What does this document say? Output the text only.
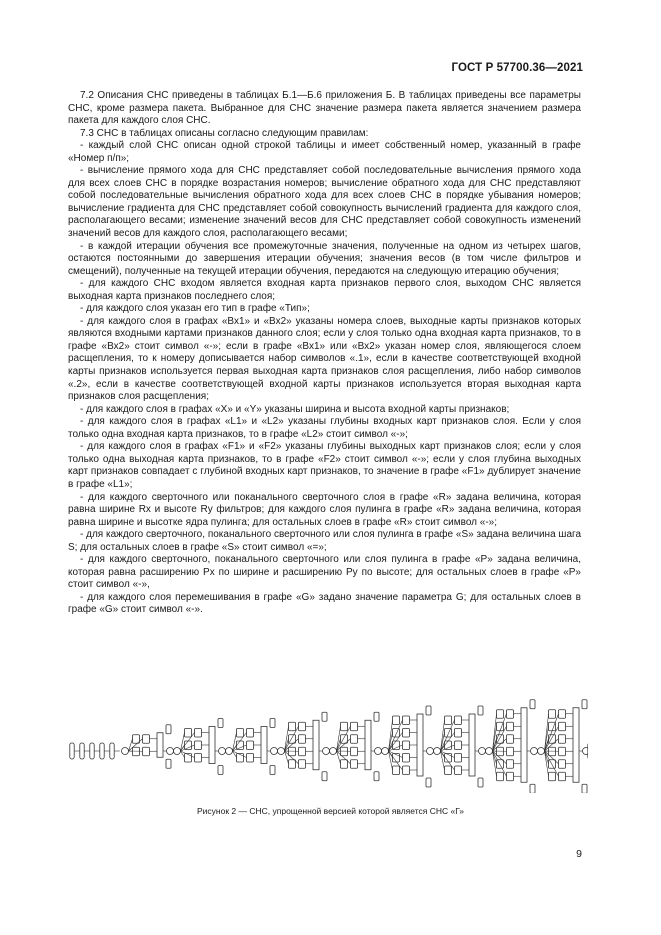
ГОСТ Р 57700.36—2021

7.2 Описания СНС приведены в таблицах Б.1—Б.6 приложения Б. В таблицах приведены все параметры СНС, кроме размера пакета. Выбранное для СНС значение размера пакета является значением размера пакета для каждого слоя СНС.

7.3 СНС в таблицах описаны согласно следующим правилам:

- каждый слой СНС описан одной строкой таблицы и имеет собственный номер, указанный в графе «Номер п/п»;

- вычисление прямого хода для СНС представляет собой последовательные вычисления прямого хода для всех слоев СНС в порядке возрастания номеров; вычисление обратного хода для СНС представляют собой последовательные вычисления обратного хода для всех слоев СНС в порядке убывания номеров; вычисление градиента для СНС представляет собой совокупность вычислений градиента для каждого слоя, располагающего весами; изменение значений весов для СНС представляет собой совокупность изменений значений весов для каждого слоя, располагающего весами;

- в каждой итерации обучения все промежуточные значения, полученные на одном из четырех шагов, остаются постоянными до завершения итерации обучения; значения весов (в том числе фильтров и смещений), полученные на текущей итерации обучения, передаются на следующую итерацию обучения;

- для каждого СНС входом является входная карта признаков первого слоя, выходом СНС является выходная карта признаков последнего слоя;

- для каждого слоя указан его тип в графе «Тип»;

- для каждого слоя в графах «Вх1» и «Вх2» указаны номера слоев, выходные карты признаков которых являются входными картами признаков данного слоя; если у слоя только одна входная карта признаков, то в графе «Вх2» стоит символ «-»; если в графе «Вх1» или «Вх2» указан номер слоя, являющегося слоем расщепления, то к номеру дописывается набор символов «.1», если в качестве соответствующей входной карты признаков используется первая выходная карта признаков слоя расщепления, либо набор символов «.2», если в качестве соответствующей входной карты признаков используется вторая выходная карта признаков слоя расщепления;

- для каждого слоя в графах «X» и «Y» указаны ширина и высота входной карты признаков;

- для каждого слоя в графах «L1» и «L2» указаны глубины входных карт признаков слоя. Если у слоя только одна входная карта признаков, то в графе «L2» стоит символ «-»;

- для каждого слоя в графах «F1» и «F2» указаны глубины выходных карт признаков слоя; если у слоя только одна выходная карта признаков, то в графе «F2» стоит символ «-»; если у слоя глубина выходных карт признаков совпадает с глубиной входных карт признаков, то значение в графе «F1» дублирует значение в графе «L1»;

- для каждого сверточного или поканального сверточного слоя в графе «R» задана величина, которая равна ширине Rx и высоте Ry фильтров; для каждого слоя пулинга в графе «R» задана величина, которая равна ширине и высотке ядра пулинга; для остальных слоев в графе «R» стоит символ «-»;

- для каждого сверточного, поканального сверточного или слоя пулинга в графе «S» задана величина шага S; для остальных слоев в графе «S» стоит символ «=»;

- для каждого сверточного, поканального сверточного или слоя пулинга в графе «P» задана величина, которая равна расширению Px по ширине и расширению Py по высоте; для остальных слоев в графе «P» стоит символ «-»,

- для каждого слоя перемешивания в графе «G» задано значение параметра G; для остальных слоев в графе «G» стоит символ «-».

Рисунок 2 — СНС, упрощенной версией которой является СНС «Г»
9
